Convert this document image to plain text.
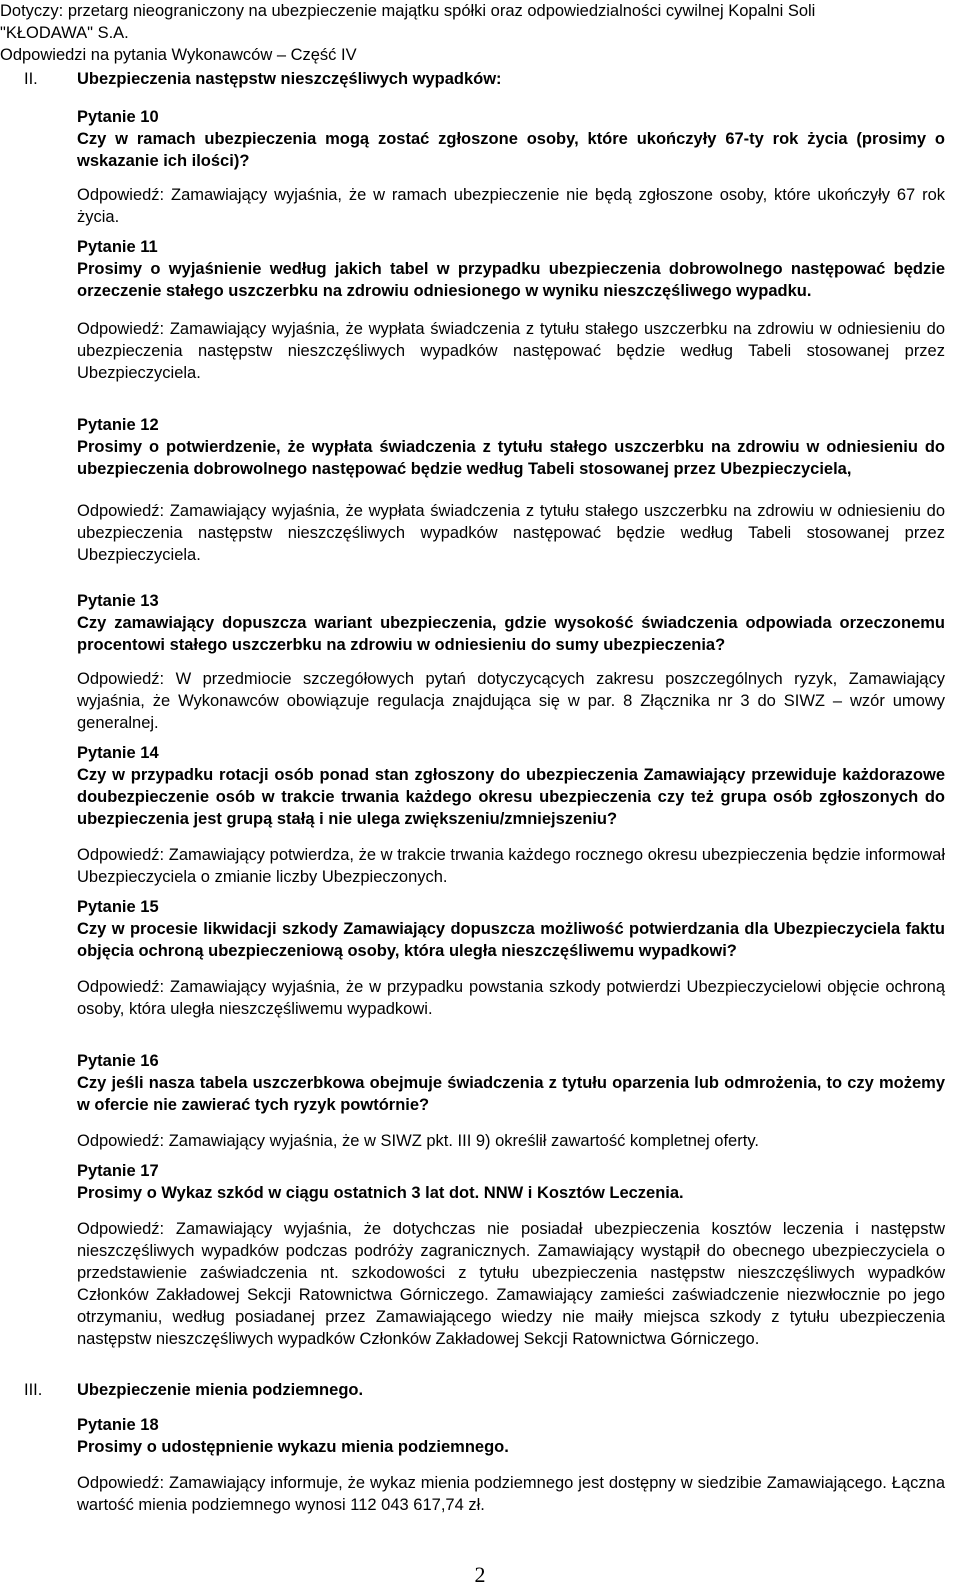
Dotyczy: przetarg nieograniczony na ubezpieczenie majątku spółki oraz odpowiedzialności cywilnej Kopalni Soli
"KŁODAWA" S.A.
Odpowiedzi na pytania Wykonawców – Część IV
II. Ubezpieczenia następstw nieszczęśliwych wypadków:
Pytanie 10
Czy w ramach ubezpieczenia mogą zostać zgłoszone osoby, które ukończyły 67-ty rok życia (prosimy o wskazanie ich ilości)?
Odpowiedź: Zamawiający wyjaśnia, że w ramach ubezpieczenie nie będą zgłoszone osoby, które ukończyły 67 rok życia.
Pytanie 11
Prosimy o wyjaśnienie według jakich tabel w przypadku ubezpieczenia dobrowolnego następować będzie orzeczenie stałego uszczerbku na zdrowiu odniesionego w wyniku nieszczęśliwego wypadku.
Odpowiedź: Zamawiający wyjaśnia, że wypłata świadczenia z tytułu stałego uszczerbku na zdrowiu w odniesieniu do ubezpieczenia następstw nieszczęśliwych wypadków następować będzie według Tabeli stosowanej przez Ubezpieczyciela.
Pytanie 12
Prosimy o potwierdzenie, że wypłata świadczenia z tytułu stałego uszczerbku na zdrowiu w odniesieniu do ubezpieczenia dobrowolnego następować będzie według Tabeli stosowanej przez Ubezpieczyciela,
Odpowiedź: Zamawiający wyjaśnia, że wypłata świadczenia z tytułu stałego uszczerbku na zdrowiu w odniesieniu do ubezpieczenia następstw nieszczęśliwych wypadków następować będzie według Tabeli stosowanej przez Ubezpieczyciela.
Pytanie 13
Czy zamawiający dopuszcza wariant ubezpieczenia, gdzie wysokość świadczenia odpowiada orzeczonemu procentowi stałego uszczerbku na zdrowiu w odniesieniu do sumy ubezpieczenia?
Odpowiedź: W przedmiocie szczegółowych pytań dotyczycących zakresu poszczególnych ryzyk, Zamawiający wyjaśnia, że Wykonawców obowiązuje regulacja znajdująca się w par. 8 Złącznika nr 3 do SIWZ – wzór umowy generalnej.
Pytanie 14
Czy w przypadku rotacji osób ponad stan zgłoszony do ubezpieczenia Zamawiający przewiduje każdorazowe doubezpieczenie osób w trakcie trwania każdego okresu ubezpieczenia czy też grupa osób zgłoszonych do ubezpieczenia jest grupą stałą i nie ulega zwiększeniu/zmniejszeniu?
Odpowiedź: Zamawiający potwierdza, że w trakcie trwania każdego rocznego okresu ubezpieczenia będzie informował Ubezpieczyciela o zmianie liczby Ubezpieczonych.
Pytanie 15
Czy w procesie likwidacji szkody Zamawiający dopuszcza możliwość potwierdzania dla Ubezpieczyciela faktu objęcia ochroną ubezpieczeniową osoby, która uległa nieszczęśliwemu wypadkowi?
Odpowiedź: Zamawiający wyjaśnia, że w przypadku powstania szkody potwierdzi Ubezpieczycielowi objęcie ochroną osoby, która uległa nieszczęśliwemu wypadkowi.
Pytanie 16
Czy jeśli nasza tabela uszczerbkowa obejmuje świadczenia z tytułu oparzenia lub odmrożenia, to czy możemy w ofercie nie zawierać tych ryzyk powtórnie?
Odpowiedź: Zamawiający wyjaśnia, że w SIWZ pkt. III 9) określił zawartość kompletnej oferty.
Pytanie 17
Prosimy o Wykaz szkód w ciągu ostatnich 3 lat dot. NNW i Kosztów Leczenia.
Odpowiedź: Zamawiający wyjaśnia, że dotychczas nie posiadał ubezpieczenia kosztów leczenia i następstw nieszczęśliwych wypadków podczas podróży zagranicznych. Zamawiający wystąpił do obecnego ubezpieczyciela o przedstawienie zaświadczenia nt. szkodowości z tytułu ubezpieczenia następstw nieszczęśliwych wypadków Członków Zakładowej Sekcji Ratownictwa Górniczego. Zamawiający zamieści zaświadczenie niezwłocznie po jego otrzymaniu, według posiadanej przez Zamawiającego wiedzy nie maiły miejsca szkody z tytułu ubezpieczenia następstw nieszczęśliwych wypadków Członków Zakładowej Sekcji Ratownictwa Górniczego.
III. Ubezpieczenie mienia podziemnego.
Pytanie 18
Prosimy o udostępnienie wykazu mienia podziemnego.
Odpowiedź: Zamawiający informuje, że wykaz mienia podziemnego jest dostępny w siedzibie Zamawiającego. Łączna wartość mienia podziemnego wynosi 112 043 617,74 zł.
2
